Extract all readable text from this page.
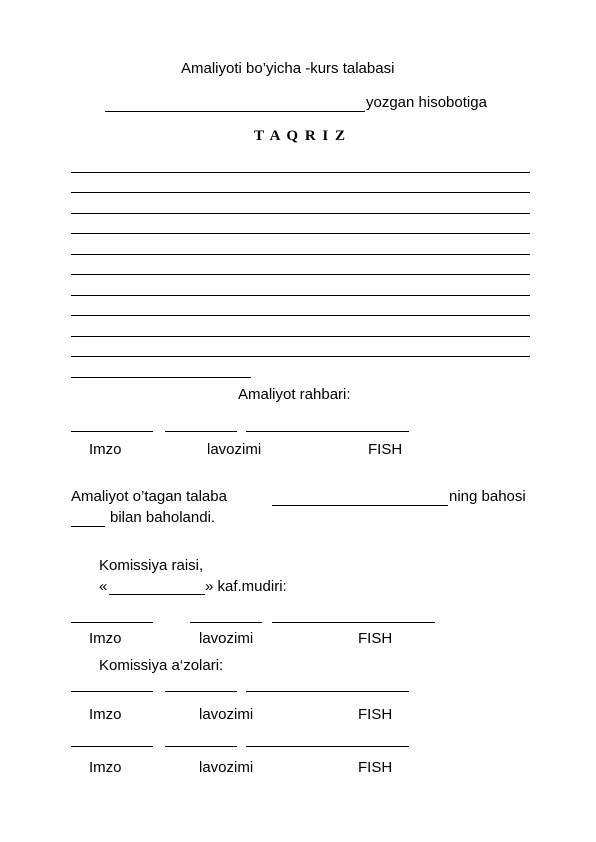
Amaliyoti bo’yicha -kurs talabasi
yozgan hisobotiga
T A Q R I Z
Amaliyot rahbari:
Imzo	lavozimi	FISH
Amaliyot o’tagan talaba	ning bahosi
bilan baholandi.
Komissiya raisi,
«	» kaf.mudiri:
Imzo	lavozimi	FISH
Komissiya a‘zolari:
Imzo	lavozimi	FISH
Imzo	lavozimi	FISH
